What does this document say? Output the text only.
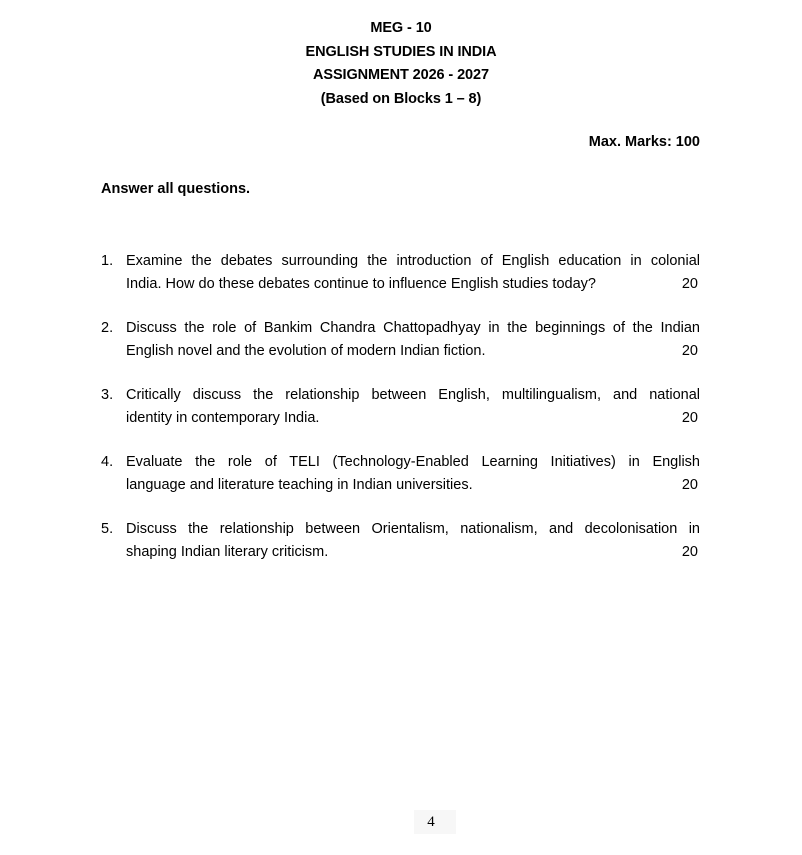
MEG - 10
ENGLISH STUDIES IN INDIA
ASSIGNMENT 2026 - 2027
(Based on Blocks 1 – 8)
Max. Marks: 100
Answer all questions.
1. Examine the debates surrounding the introduction of English education in colonial
India. How do these debates continue to influence English studies today?	20
2. Discuss the role of Bankim Chandra Chattopadhyay in the beginnings of the Indian
English novel and the evolution of modern Indian fiction.	20
3. Critically discuss the relationship between English, multilingualism, and national
identity in contemporary India.	20
4. Evaluate the role of TELI (Technology-Enabled Learning Initiatives) in English
language and literature teaching in Indian universities.	20
5. Discuss the relationship between Orientalism, nationalism, and decolonisation in
shaping Indian literary criticism.	20
4
